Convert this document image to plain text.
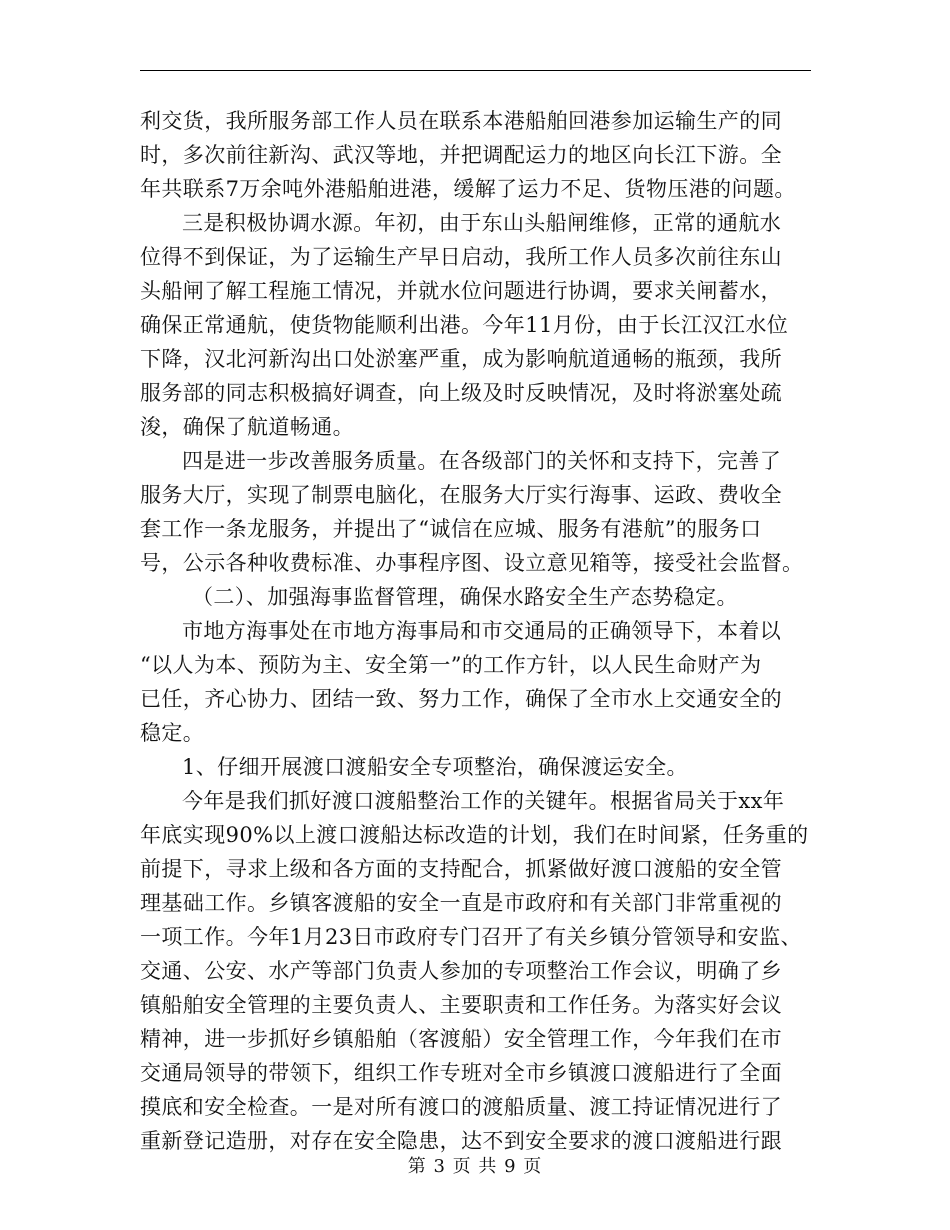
利交货，我所服务部工作人员在联系本港船舶回港参加运输生产的同
时，多次前往新沟、武汉等地，并把调配运力的地区向长江下游。全
年共联系7万余吨外港船舶进港，缓解了运力不足、货物压港的问题。
三是积极协调水源。年初，由于东山头船闸维修，正常的通航水
位得不到保证，为了运输生产早日启动，我所工作人员多次前往东山
头船闸了解工程施工情况，并就水位问题进行协调，要求关闸蓄水，
确保正常通航，使货物能顺利出港。今年11月份，由于长江汉江水位
下降，汉北河新沟出口处淤塞严重，成为影响航道通畅的瓶颈，我所
服务部的同志积极搞好调查，向上级及时反映情况，及时将淤塞处疏
浚，确保了航道畅通。
四是进一步改善服务质量。在各级部门的关怀和支持下，完善了
服务大厅，实现了制票电脑化，在服务大厅实行海事、运政、费收全
套工作一条龙服务，并提出了“诚信在应城、服务有港航”的服务口
号，公示各种收费标准、办事程序图、设立意见箱等，接受社会监督。
（二）、加强海事监督管理，确保水路安全生产态势稳定。
市地方海事处在市地方海事局和市交通局的正确领导下，本着以
“以人为本、预防为主、安全第一”的工作方针，以人民生命财产为
已任，齐心协力、团结一致、努力工作，确保了全市水上交通安全的
稳定。
1、仔细开展渡口渡船安全专项整治，确保渡运安全。
今年是我们抓好渡口渡船整治工作的关键年。根据省局关于xx年
年底实现90%以上渡口渡船达标改造的计划，我们在时间紧，任务重的
前提下，寻求上级和各方面的支持配合，抓紧做好渡口渡船的安全管
理基础工作。乡镇客渡船的安全一直是市政府和有关部门非常重视的
一项工作。今年1月23日市政府专门召开了有关乡镇分管领导和安监、
交通、公安、水产等部门负责人参加的专项整治工作会议，明确了乡
镇船舶安全管理的主要负责人、主要职责和工作任务。为落实好会议
精神，进一步抓好乡镇船舶（客渡船）安全管理工作，今年我们在市
交通局领导的带领下，组织工作专班对全市乡镇渡口渡船进行了全面
摸底和安全检查。一是对所有渡口的渡船质量、渡工持证情况进行了
重新登记造册，对存在安全隐患，达不到安全要求的渡口渡船进行跟
第 3 页 共 9 页
